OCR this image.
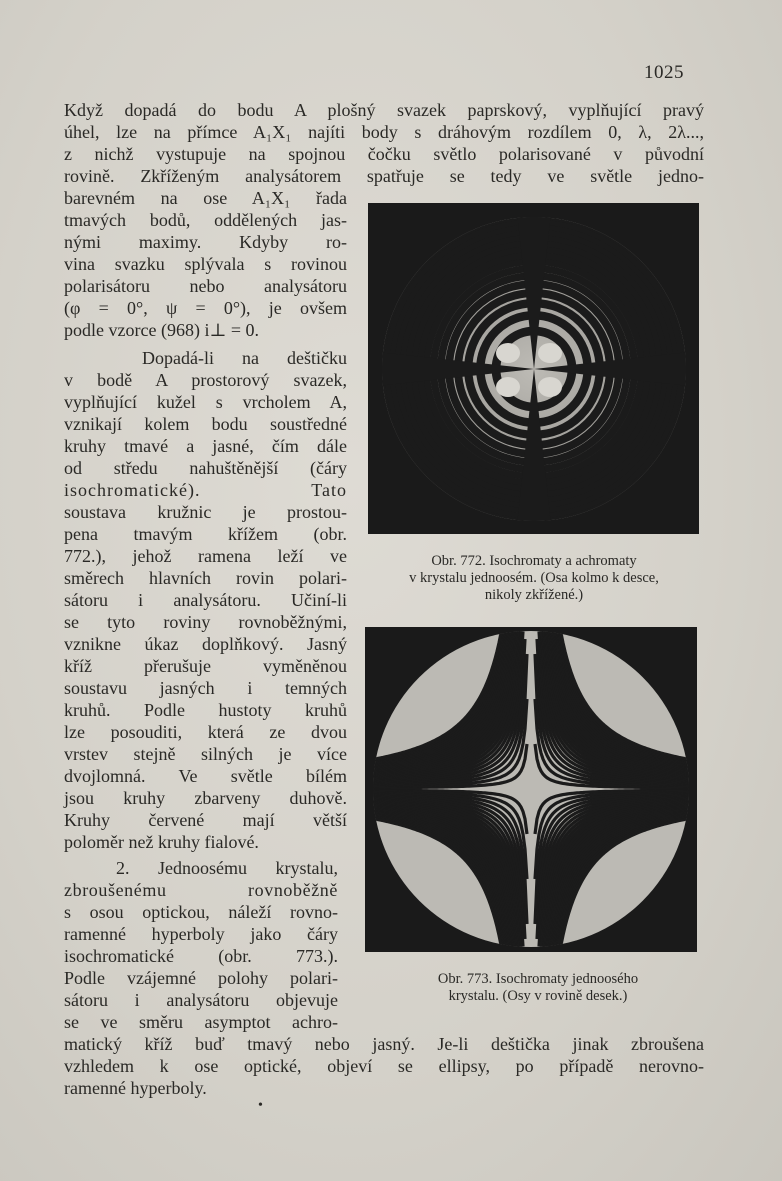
1025
Když dopadá do bodu A plošný svazek paprskový, vyplňující pravý
úhel, lze na přímce A₁X₁ najíti body s dráhovým rozdílem 0, λ, 2λ...,
z nichž vystupuje na spojnou čočku světlo polarisované v původní
rovině. Zkříženým analysátorem spatřuje se tedy ve světle jedno-
barevném na ose A₁X₁ řada
tmavých bodů, oddělených jas-
nými maximy. Kdyby ro-
vina svazku splývala s rovinou
polarisátoru nebo analysátoru
(φ = 0°, ψ = 0°), je ovšem
podle vzorce (968) i⊥ = 0.
Dopadá-li na deštičku
v bodě A prostorový svazek,
vyplňující kužel s vrcholem A,
vznikají kolem bodu soustředné
kruhy tmavé a jasné, čím dále
od středu nahuštěnější (čáry
isochromatické). Tato
soustava kružnic je prostou-
pena tmavým křížem (obr.
772.), jehož ramena leží ve
směrech hlavních rovin polari-
sátoru i analysátoru. Učiní-li
se tyto roviny rovnoběžnými,
vznikne úkaz doplňkový. Jasný
kříž přerušuje vyměněnou
soustavu jasných i temných
kruhů. Podle hustoty kruhů
lze posouditi, která ze dvou
vrstev stejně silných je více
dvojlomná. Ve světle bílém
jsou kruhy zbarveny duhově.
Kruhy červené mají větší
poloměr než kruhy fialové.
2. Jednoosému krystalu,
zbroušenému rovnoběžně
s osou optickou, náleží rovno-
ramenné hyperboly jako čáry
isochromatické (obr. 773.).
Podle vzájemné polohy polari-
sátoru i analysátoru objevuje
se ve směru asymptot achro-
matický kříž buď tmavý nebo jasný. Je-li deštička jinak zbroušena
vzhledem k ose optické, objeví se ellipsy, po případě nerovno-
ramenné hyperboly.
Obr. 772. Isochromaty a achromaty
v krystalu jednoosém. (Osa kolmo k desce,
nikoly zkřížené.)
Obr. 773. Isochromaty jednoosého
krystalu. (Osy v rovině desek.)
•
